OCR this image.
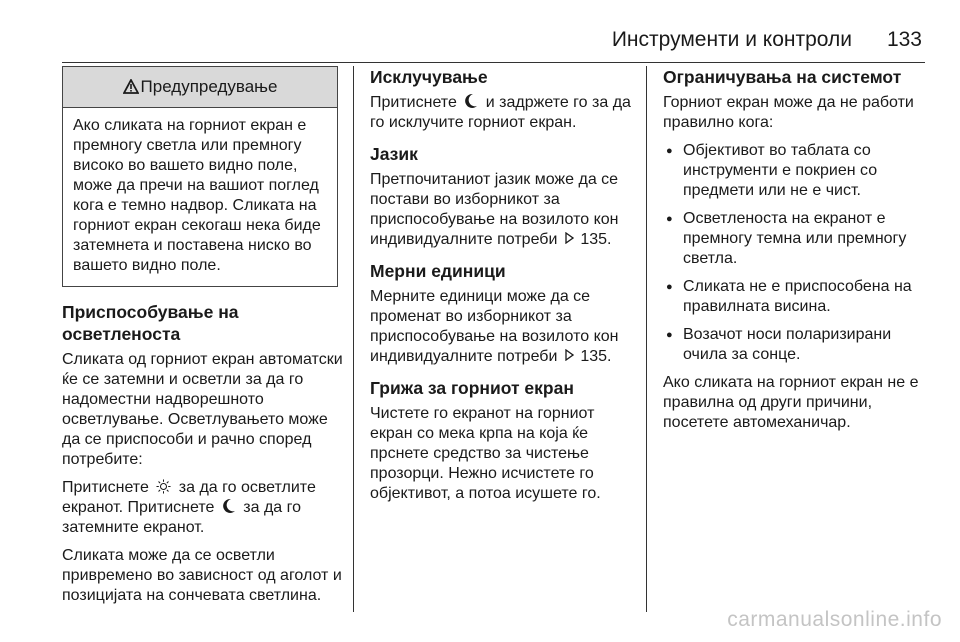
Инструменти и контроли 133
Предупредување

Ако сликата на горниот екран е премногу светла или премногу високо во вашето видно поле, може да пречи на вашиот поглед кога е темно надвор. Сликата на горниот екран секогаш нека биде затемнета и поставена ниско во вашето видно поле.

Приспособување на осветленоста

Сликата од горниот екран автоматски ќе се затемни и осветли за да го надоместни надворешното осветлување. Осветлувањето може да се приспособи и рачно според потребите:

Притиснете за да го осветлите екранот. Притиснете за да го затемните екранот.

Сликата може да се осветли привремено во зависност од аголот и позицијата на сончевата светлина.

Исклучување

Притиснете и задржете го за да го исклучите горниот екран.

Јазик

Претпочитаниот јазик може да се постави во изборникот за приспособување на возилото кон индивидуалните потреби 135.

Мерни единици

Мерните единици може да се променат во изборникот за приспособување на возилото кон индивидуалните потреби 135.

Грижа за горниот екран

Чистете го екранот на горниот екран со мека крпа на која ќе прснете средство за чистење прозорци. Нежно исчистете го објективот, а потоа исушете го.

Ограничувања на системот

Горниот екран може да не работи правилно кога:

● Објективот во таблата со инструменти е покриен со предмети или не е чист.
● Осветленоста на екранот е премногу темна или премногу светла.
● Сликата не е приспособена на правилната висина.
● Возачот носи поларизирани очила за сонце.

Ако сликата на горниот екран не е правилна од други причини, посетете автомеханичар.

carmanualsonline.info
